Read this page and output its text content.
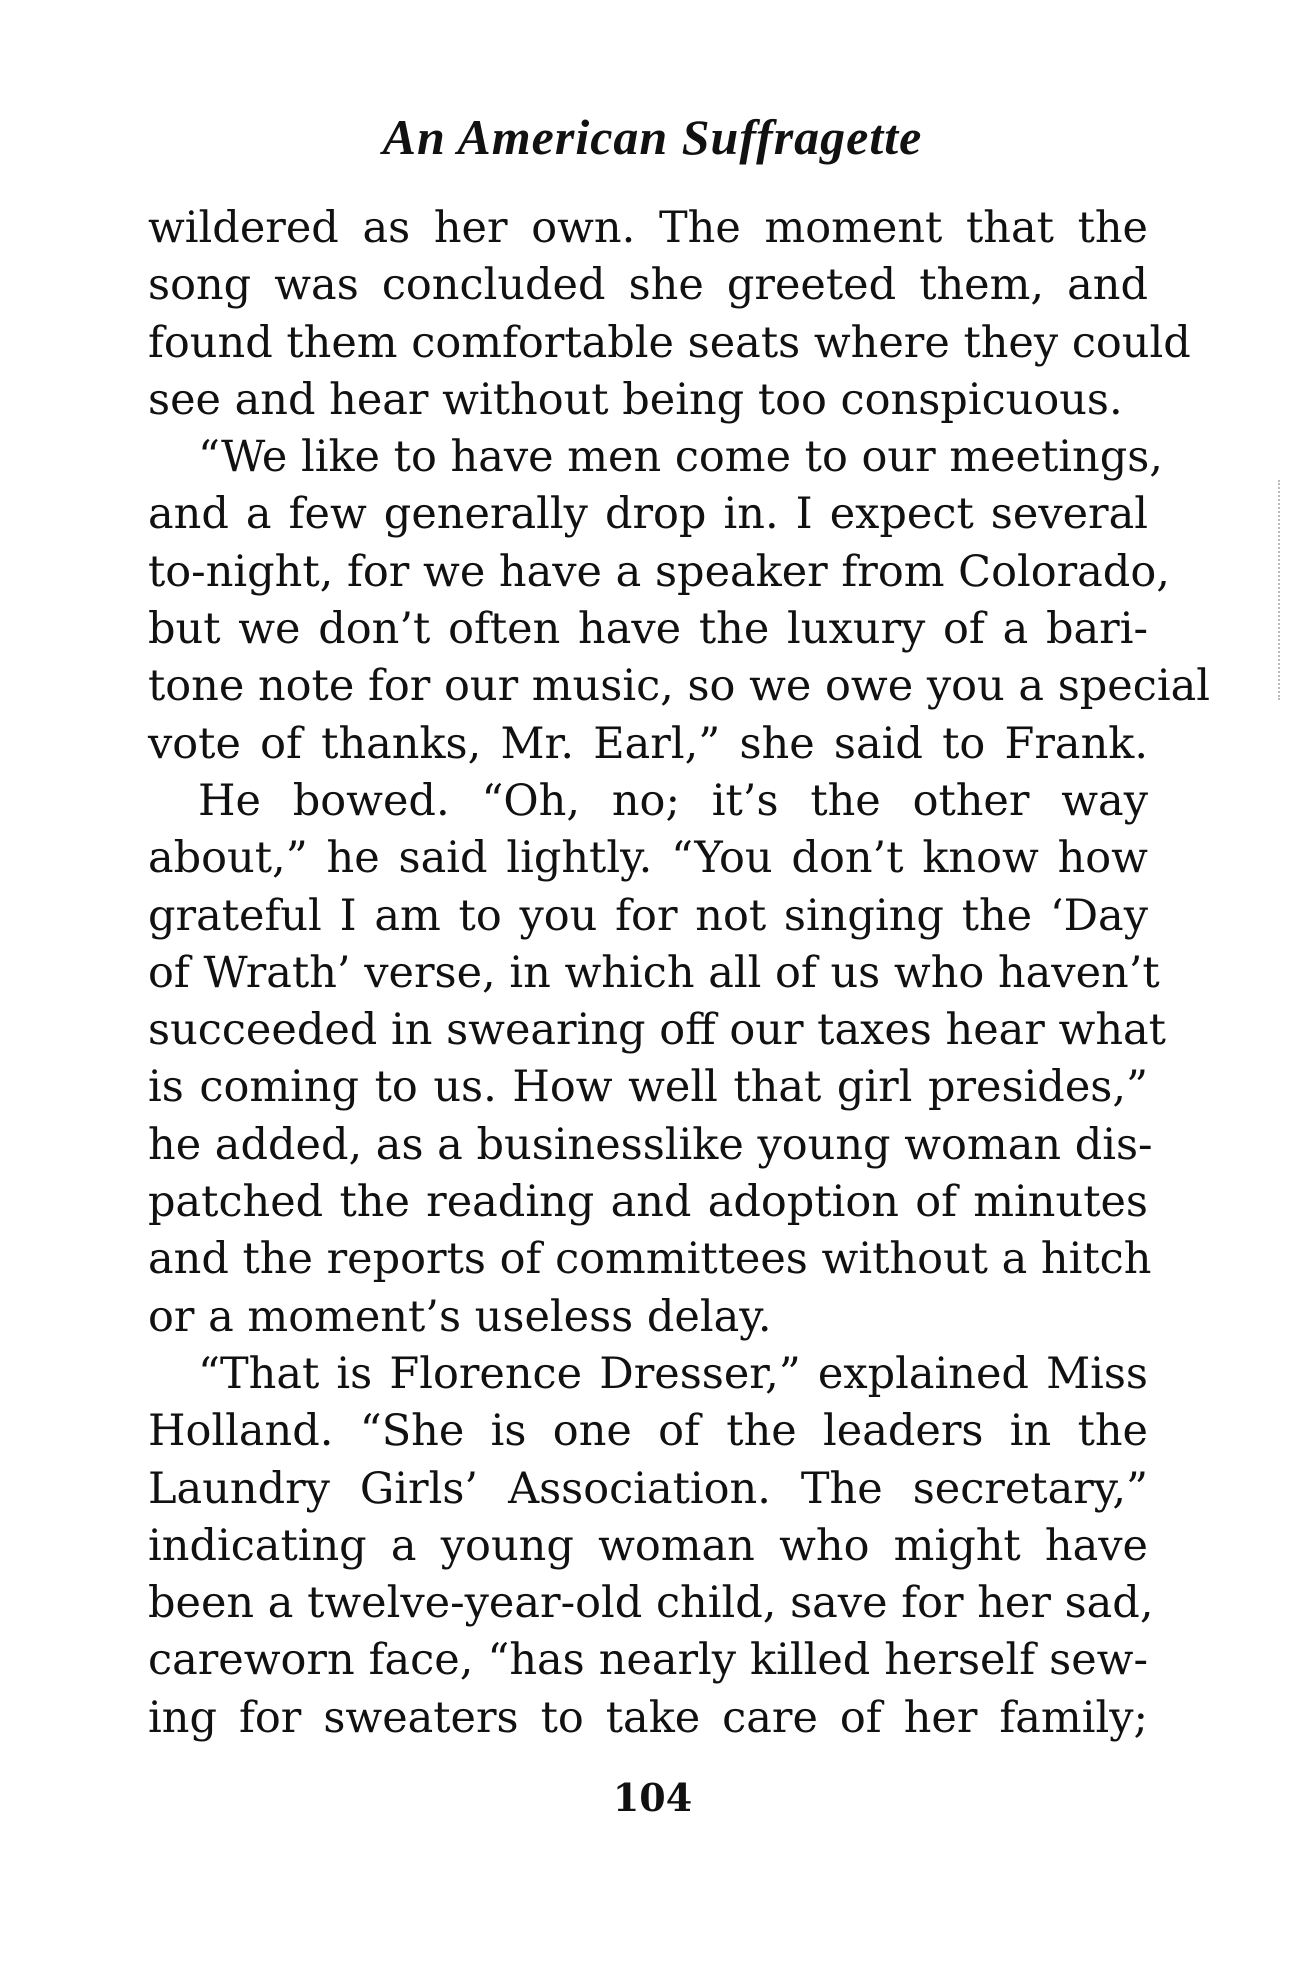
An American Suffragette
wildered as her own. The moment that the
song was concluded she greeted them, and
found them comfortable seats where they could
see and hear without being too conspicuous.
“We like to have men come to our meetings,
and a few generally drop in. I expect several
to-night, for we have a speaker from Colorado,
but we don’t often have the luxury of a bari-
tone note for our music, so we owe you a special
vote of thanks, Mr. Earl,” she said to Frank.
He bowed. “Oh, no; it’s the other way
about,” he said lightly. “You don’t know how
grateful I am to you for not singing the ‘Day
of Wrath’ verse, in which all of us who haven’t
succeeded in swearing off our taxes hear what
is coming to us. How well that girl presides,”
he added, as a businesslike young woman dis-
patched the reading and adoption of minutes
and the reports of committees without a hitch
or a moment’s useless delay.
“That is Florence Dresser,” explained Miss
Holland. “She is one of the leaders in the
Laundry Girls’ Association. The secretary,”
indicating a young woman who might have
been a twelve-year-old child, save for her sad,
careworn face, “has nearly killed herself sew-
ing for sweaters to take care of her family;
104
